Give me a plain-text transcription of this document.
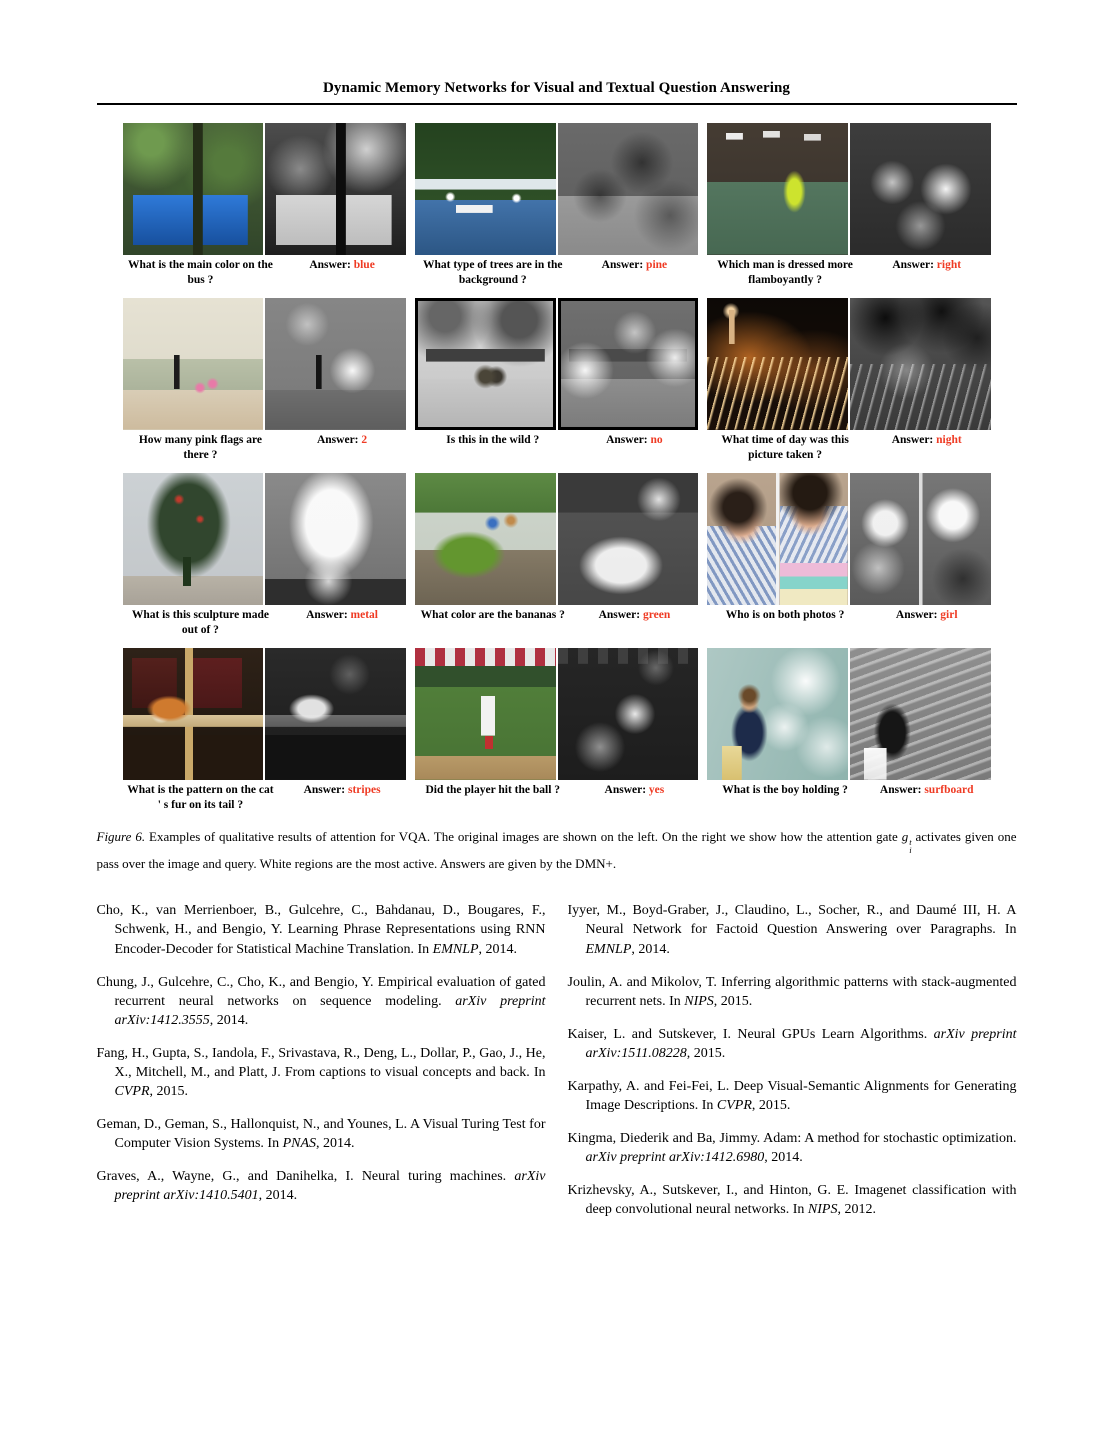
Dynamic Memory Networks for Visual and Textual Question Answering
What is the main color on the bus ?
Answer: blue	What type of trees are in the background ?
Answer: pine	Which man is dressed more flamboyantly ?
Answer: right
How many pink flags are there ?
Answer: 2	Is this in the wild ?	Answer: no	What time of day was this picture taken ?
Answer: night
What is this sculpture made out of ?
Answer: metal	What color are the bananas ?	Answer: green	Who is on both photos ?	Answer: girl
What is the pattern on the cat ' s fur on its tail ?
Answer: stripes	Did the player hit the ball ?	Answer: yes	What is the boy holding ?	Answer: surfboard
Figure 6. Examples of qualitative results of attention for VQA. The original images are shown on the left. On the right we show how the attention gate g t
i
activates given one pass over the image and query. White regions are the most active. Answers are given by the DMN+.

Cho, K., van Merrienboer, B., Gulcehre, C., Bahdanau, D., Bougares, F., Schwenk, H., and Bengio, Y. Learning Phrase Representations using RNN Encoder-Decoder for Statistical Machine Translation. In EMNLP, 2014.

Chung, J., Gulcehre, C., Cho, K., and Bengio, Y. Empirical evaluation of gated recurrent neural networks on sequence modeling. arXiv preprint arXiv:1412.3555, 2014.

Fang, H., Gupta, S., Iandola, F., Srivastava, R., Deng, L., Dollar, P., Gao, J., He, X., Mitchell, M., and Platt, J. From captions to visual concepts and back. In CVPR, 2015.

Geman, D., Geman, S., Hallonquist, N., and Younes, L. A Visual Turing Test for Computer Vision Systems. In PNAS, 2014.

Graves, A., Wayne, G., and Danihelka, I. Neural turing machines. arXiv preprint arXiv:1410.5401, 2014.

Iyyer, M., Boyd-Graber, J., Claudino, L., Socher, R., and Daumé III, H. A Neural Network for Factoid Question Answering over Paragraphs. In EMNLP, 2014.

Joulin, A. and Mikolov, T. Inferring algorithmic patterns with stack-augmented recurrent nets. In NIPS, 2015.

Kaiser, L. and Sutskever, I. Neural GPUs Learn Algorithms. arXiv preprint arXiv:1511.08228, 2015.

Karpathy, A. and Fei-Fei, L. Deep Visual-Semantic Alignments for Generating Image Descriptions. In CVPR, 2015.

Kingma, Diederik and Ba, Jimmy. Adam: A method for stochastic optimization. arXiv preprint arXiv:1412.6980, 2014.

Krizhevsky, A., Sutskever, I., and Hinton, G. E. Imagenet classification with deep convolutional neural networks. In NIPS, 2012.
